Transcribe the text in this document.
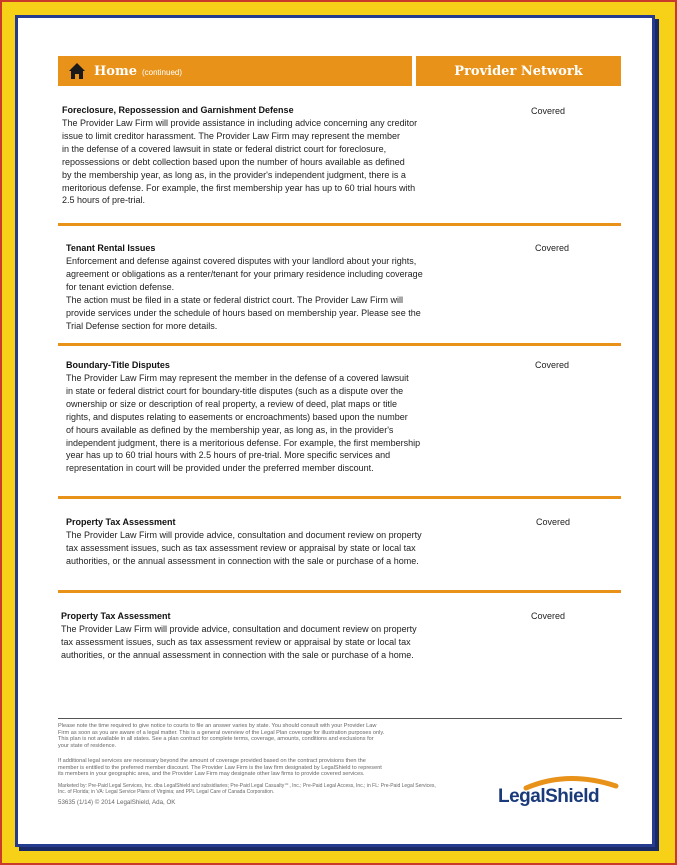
Home (continued)	Provider Network
Foreclosure, Repossession and Garnishment Defense
The Provider Law Firm will provide assistance in including advice concerning any creditor
issue to limit creditor harassment. The Provider Law Firm may represent the member
in the defense of a covered lawsuit in state or federal district court for foreclosure,
repossessions or debt collection based upon the number of hours available as defined
by the membership year, as long as, in the provider's independent judgment, there is a
meritorious defense. For example, the first membership year has up to 60 trial hours with
2.5 hours of pre-trial.
Covered
Tenant Rental Issues
Enforcement and defense against covered disputes with your landlord about your rights,
agreement or obligations as a renter/tenant for your primary residence including coverage
for tenant eviction defense.
The action must be filed in a state or federal district court. The Provider Law Firm will
provide services under the schedule of hours based on membership year. Please see the
Trial Defense section for more details.
Covered
Boundary-Title Disputes
The Provider Law Firm may represent the member in the defense of a covered lawsuit
in state or federal district court for boundary-title disputes (such as a dispute over the
ownership or size or description of real property, a review of deed, plat maps or title
rights, and disputes relating to easements or encroachments) based upon the number
of hours available as defined by the membership year, as long as, in the provider's
independent judgment, there is a meritorious defense. For example, the first membership
year has up to 60 trial hours with 2.5 hours of pre-trial. More specific services and
representation in court will be provided under the preferred member discount.
Covered
Property Tax Assessment
The Provider Law Firm will provide advice, consultation and document review on property
tax assessment issues, such as tax assessment review or appraisal by state or local tax
authorities, or the annual assessment in connection with the sale or purchase of a home.
Covered
Property Tax Assessment
The Provider Law Firm will provide advice, consultation and document review on property
tax assessment issues, such as tax assessment review or appraisal by state or local tax
authorities, or the annual assessment in connection with the sale or purchase of a home.
Covered
Please note the time required to give notice to courts to file an answer varies by state. You should consult with your Provider Law
Firm as soon as you are aware of a legal matter. This is a general overview of the Legal Plan coverage for illustration purposes only.
This plan is not available in all states. See a plan contract for complete terms, coverage, amounts, conditions and exclusions for
your state of residence.
If additional legal services are necessary beyond the amount of coverage provided based on the contract provisions then the
member is entitled to the preferred member discount. The Provider Law Firm is the law firm designated by LegalShield to represent
its members in your geographic area, and the Provider Law Firm may designate other law firms to provide covered services.
Marketed by: Pre-Paid Legal Services, Inc. dba LegalShield and subsidiaries; Pre-Paid Legal Casualty℠, Inc.; Pre-Paid Legal Access, Inc.; in FL: Pre-Paid Legal Services,
Inc. of Florida; in VA: Legal Service Plans of Virginia; and PPL Legal Care of Canada Corporation.
53635 (1/14) © 2014 LegalShield, Ada, OK	LegalShield
